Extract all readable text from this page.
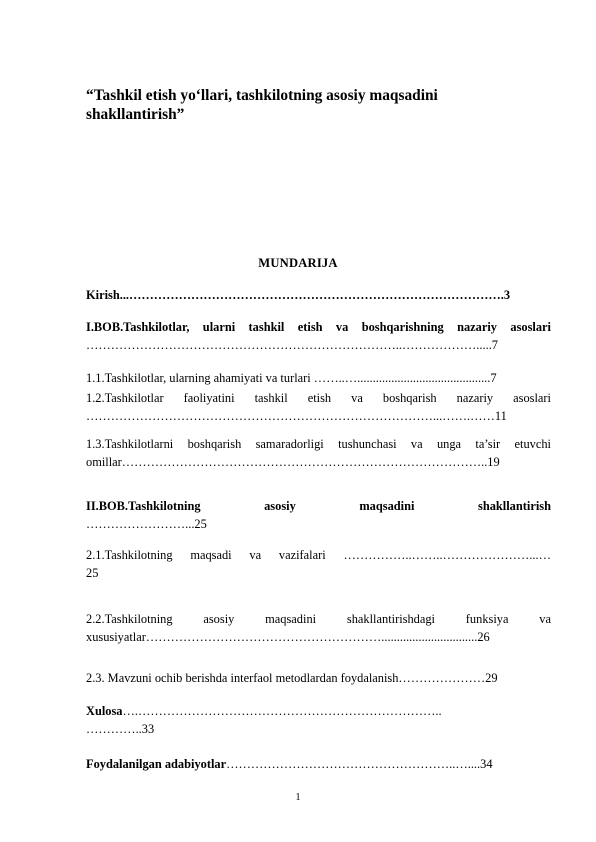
“Tashkil etish yo‘llari, tashkilotning asosiy maqsadini shakllantirish”
MUNDARIJA
Kirish...……………………………………………………………………………….3
I.BOB.Tashkilotlar, ularni tashkil etish va boshqarishning nazariy asoslari
…………………………………………………………………..……………….....7
1.1.Tashkilotlar, ularning ahamiyati va turlari ……..…...........................................7
1.2.Tashkilotlar faoliyatini tashkil etish va boshqarish nazariy asoslari
…………………………………………………………………………...…….……11
1.3.Tashkilotlarni boshqarish samaradorligi tushunchasi va unga ta’sir etuvchi
omillar……………………………………………………………………………..19
II.BOB.Tashkilotning asosiy maqsadini shakllantirish
……………………...25
2.1.Tashkilotning maqsadi va vazifalari ……………..……..…………………...…
25
2.2.Tashkilotning asosiy maqsadini shakllantirishdagi funksiya va
xususiyatlar…………………………………………………...............................26
2.3. Mavzuni ochib berishda interfaol metodlardan foydalanish…………………29
Xulosa….………………………………………………………………..
…………..33
Foydalanilgan adabiyotlar………………………………………………..…....34
1
